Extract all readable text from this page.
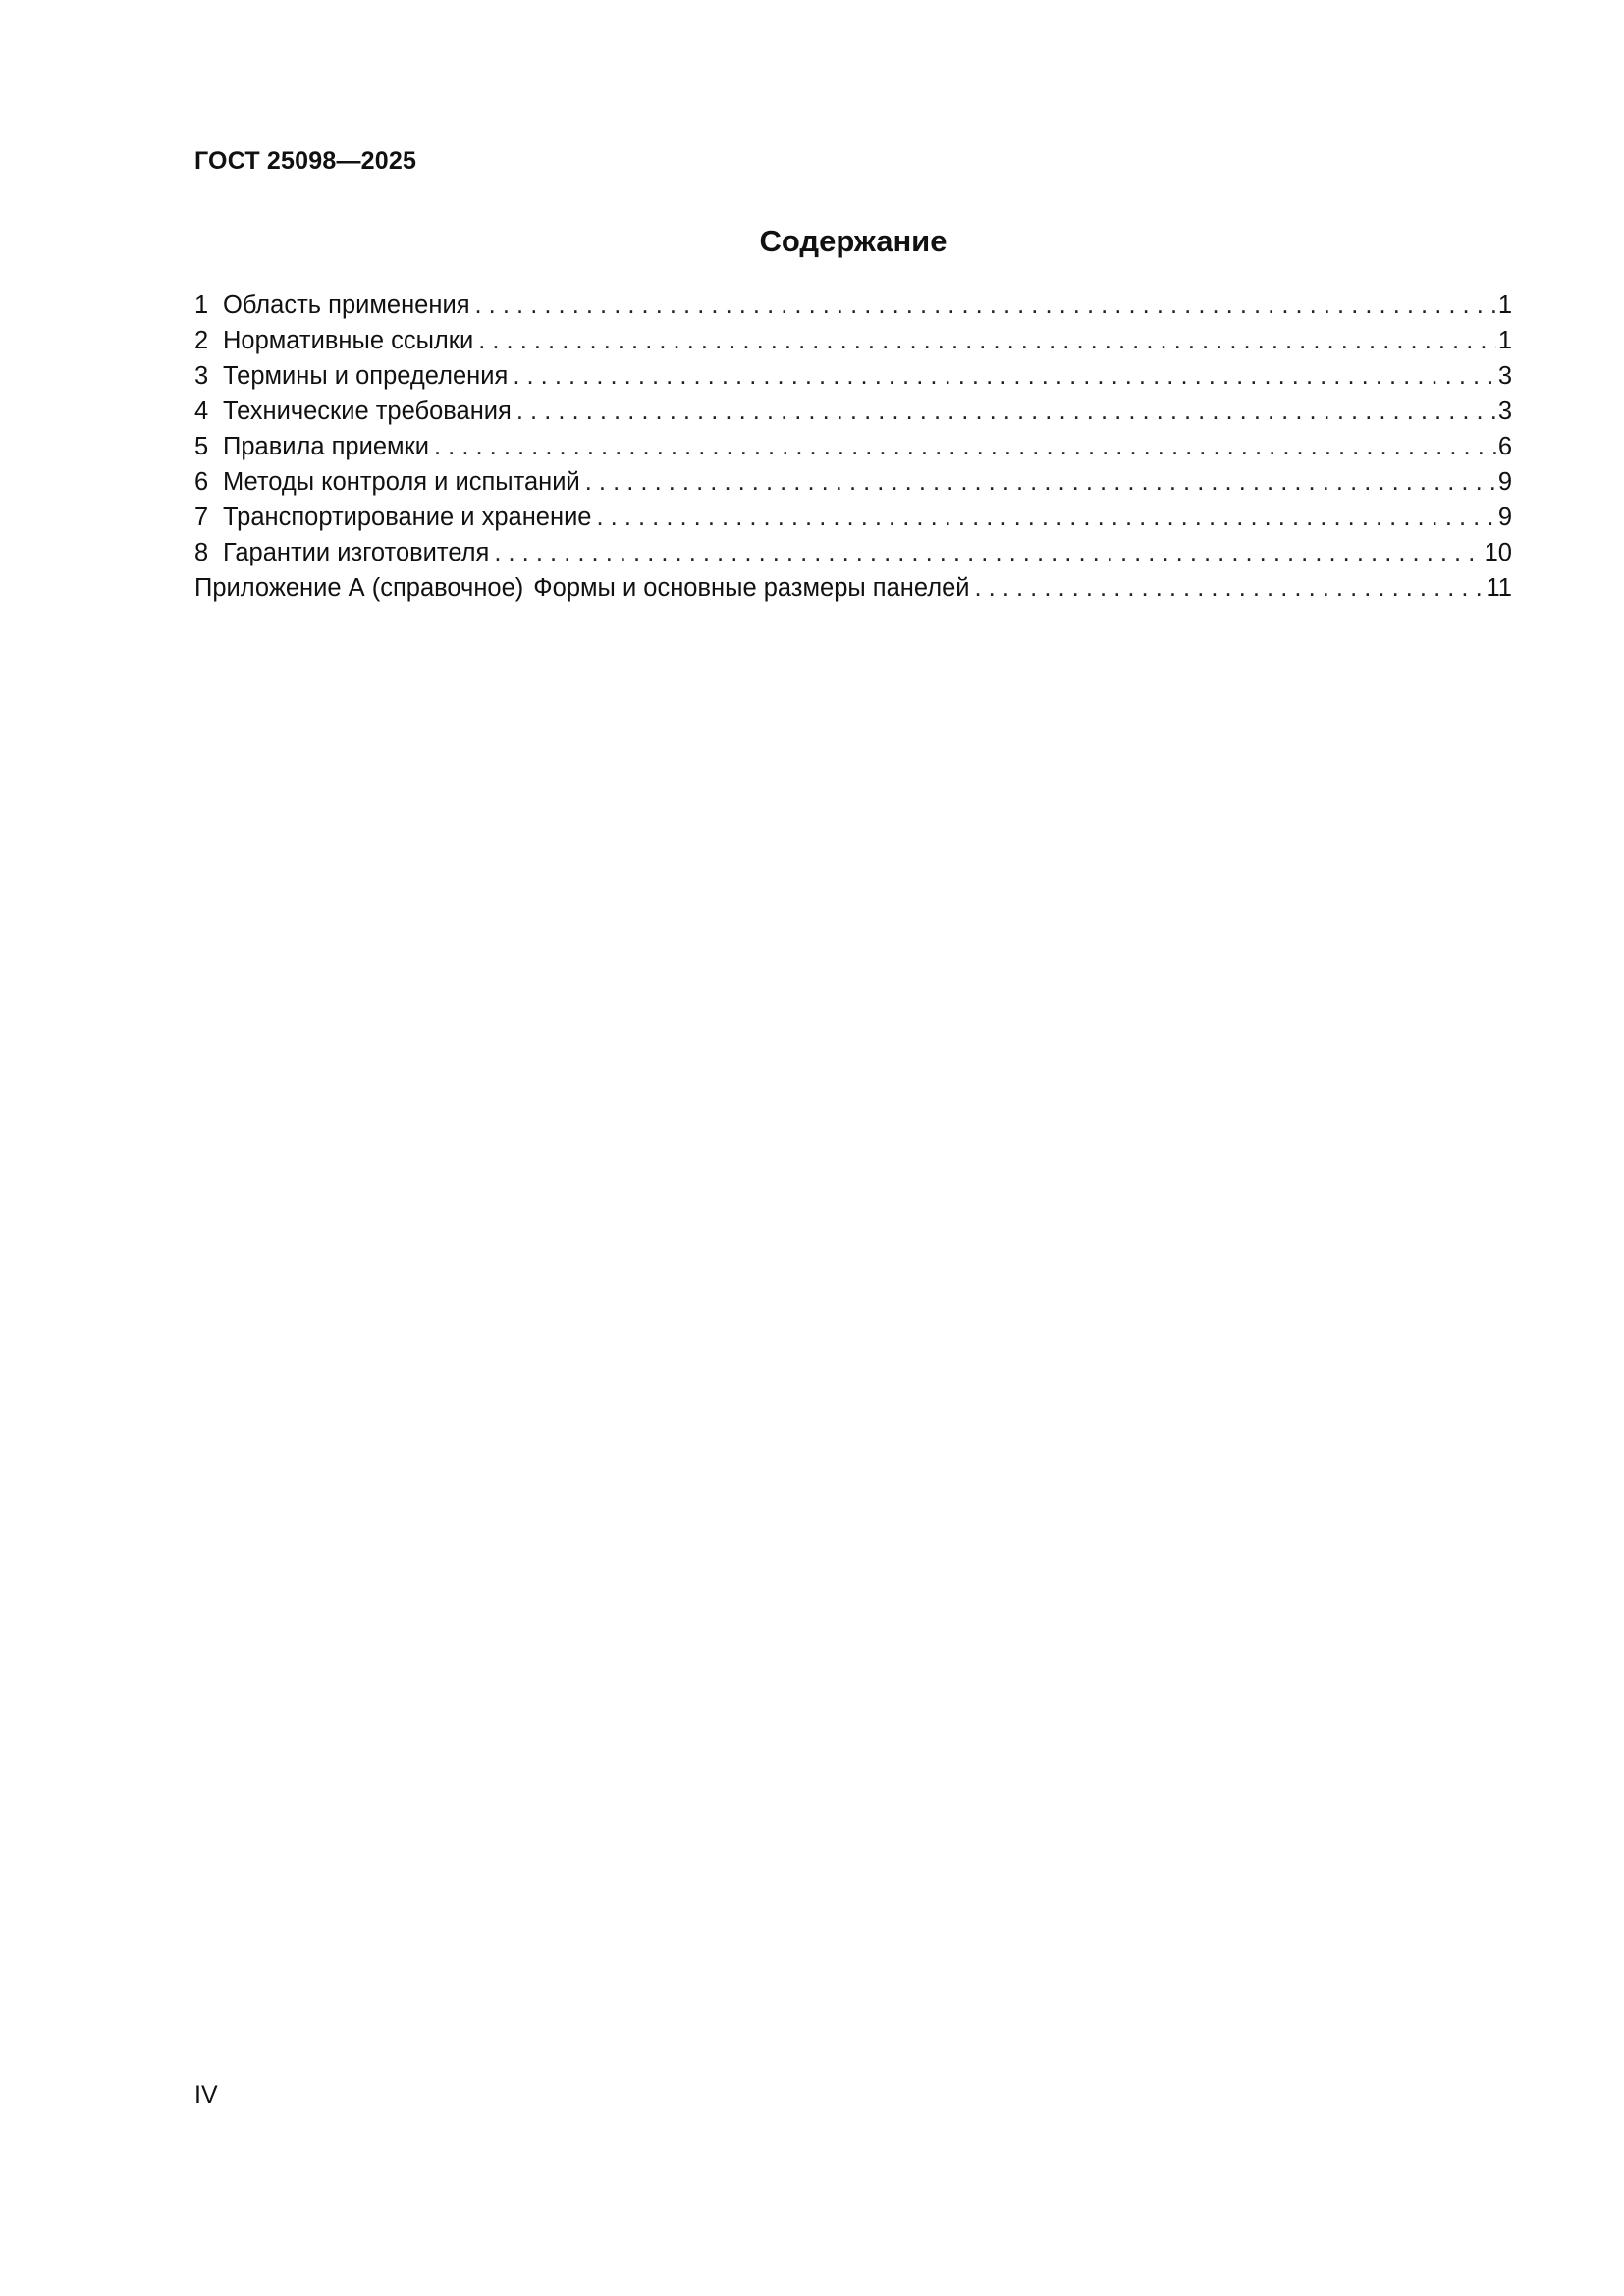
ГОСТ 25098—2025
Содержание
1 Область применения . . .	1
2 Нормативные ссылки . . .	1
3 Термины и определения . . .	3
4 Технические требования . . .	3
5 Правила приемки . . .	6
6 Методы контроля и испытаний . . .	9
7 Транспортирование и хранение . . .	9
8 Гарантии изготовителя . . .	10
Приложение А (справочное) Формы и основные размеры панелей . . .	11
IV
